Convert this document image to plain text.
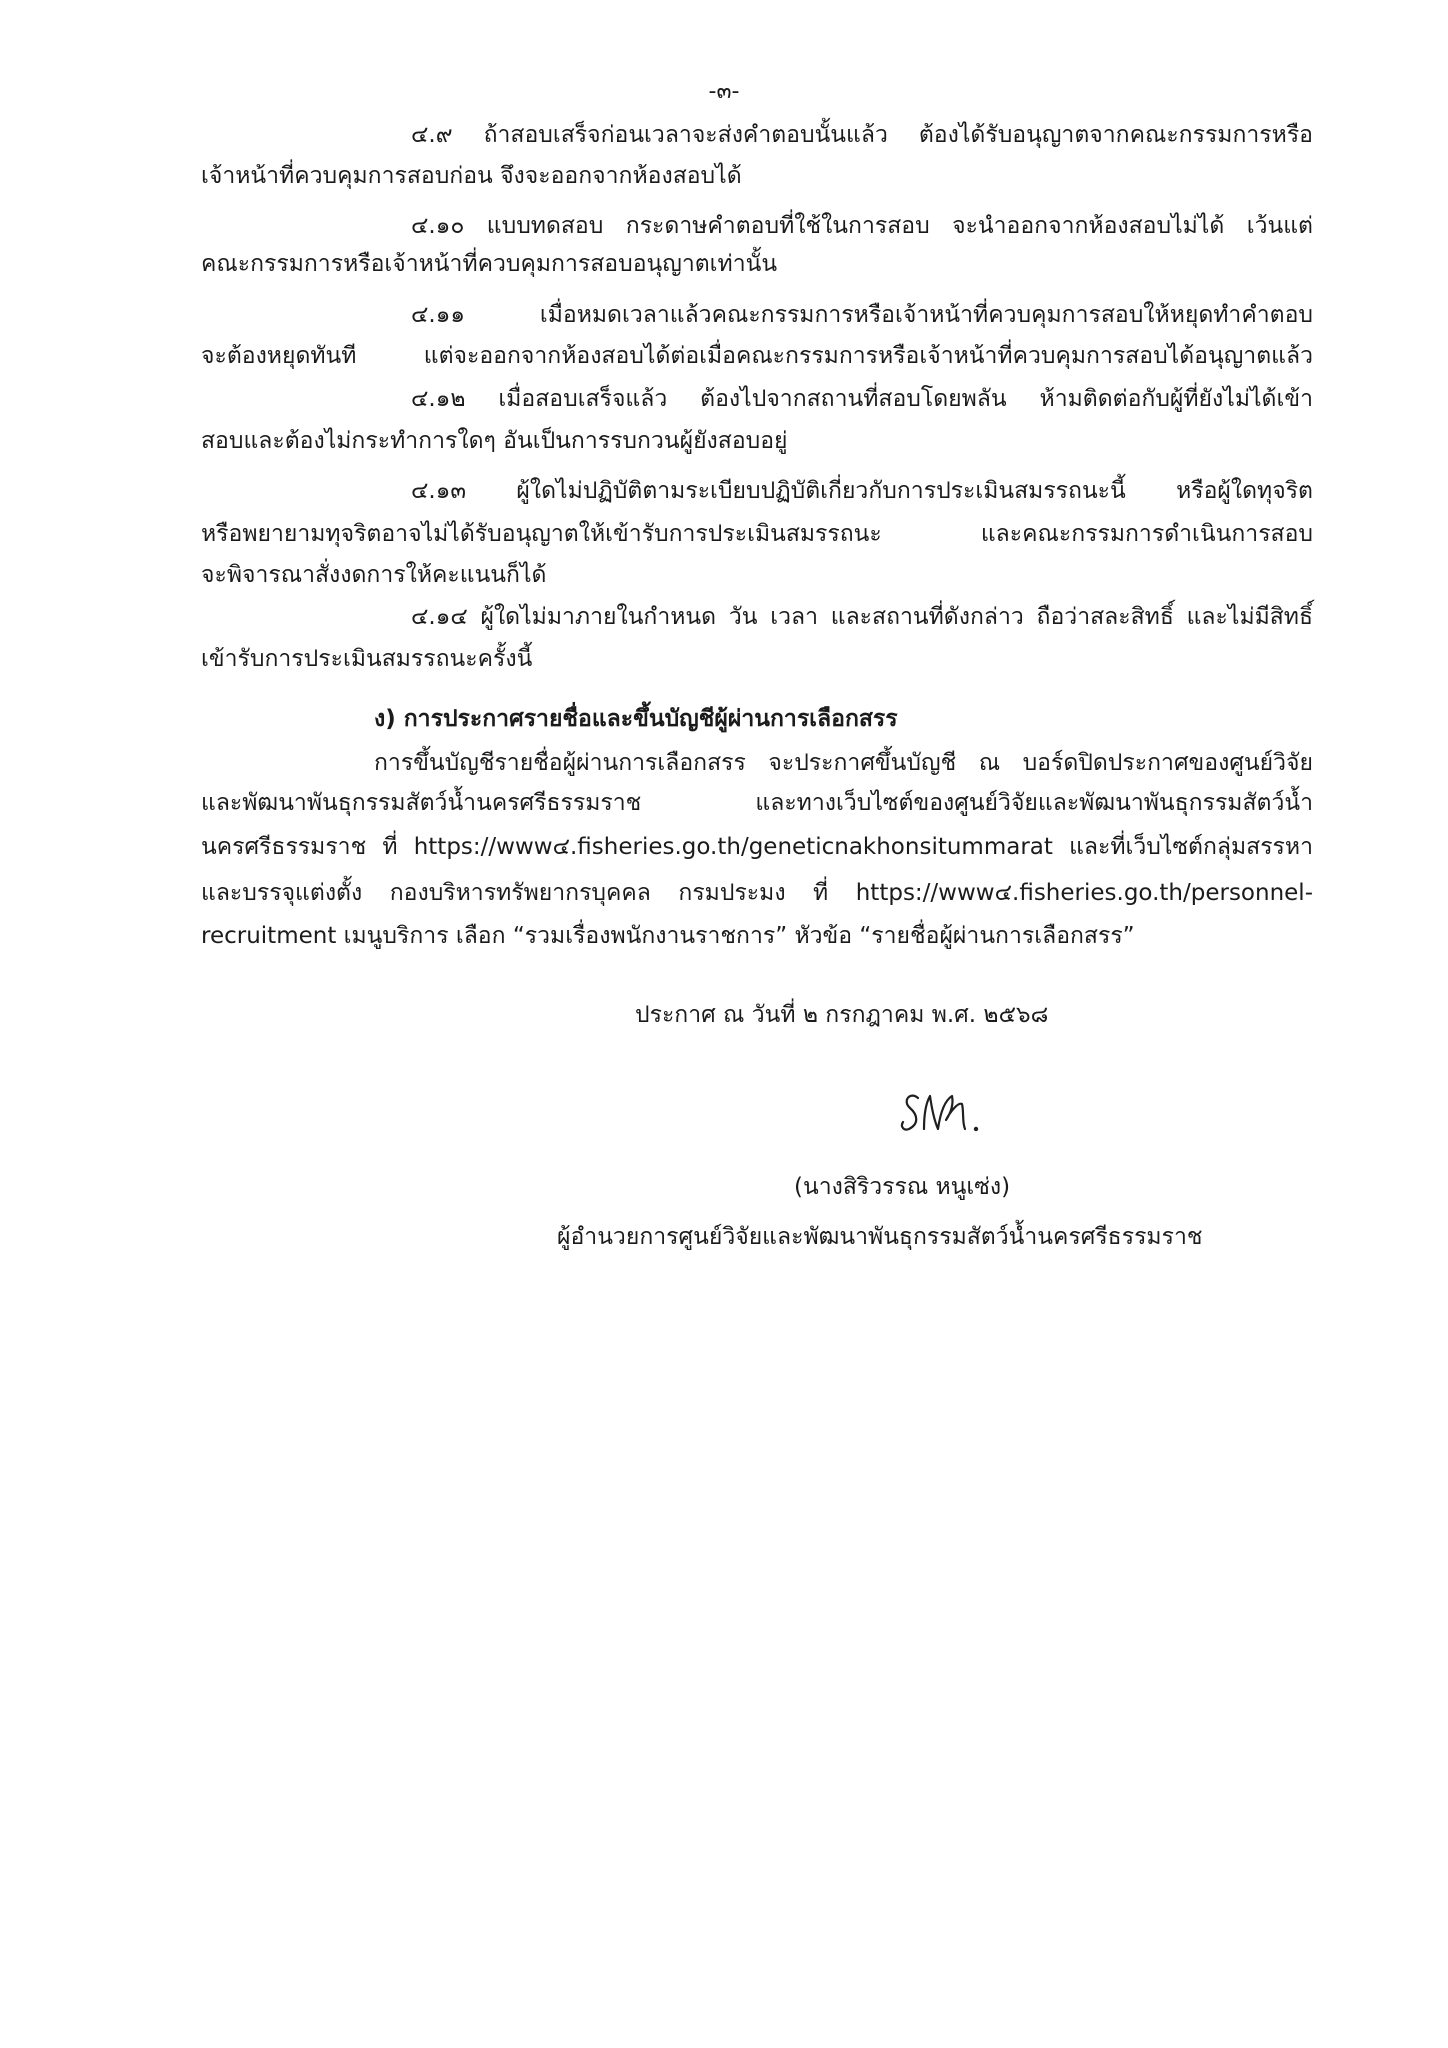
-๓-
๔.๙ ถ้าสอบเสร็จก่อนเวลาจะส่งคำตอบนั้นแล้ว ต้องได้รับอนุญาตจากคณะกรรมการหรือ
เจ้าหน้าที่ควบคุมการสอบก่อน จึงจะออกจากห้องสอบได้
๔.๑๐ แบบทดสอบ กระดาษคำตอบที่ใช้ในการสอบ จะนำออกจากห้องสอบไม่ได้ เว้นแต่
คณะกรรมการหรือเจ้าหน้าที่ควบคุมการสอบอนุญาตเท่านั้น
๔.๑๑ เมื่อหมดเวลาแล้วคณะกรรมการหรือเจ้าหน้าที่ควบคุมการสอบให้หยุดทำคำตอบ
จะต้องหยุดทันที แต่จะออกจากห้องสอบได้ต่อเมื่อคณะกรรมการหรือเจ้าหน้าที่ควบคุมการสอบได้อนุญาตแล้ว
๔.๑๒ เมื่อสอบเสร็จแล้ว ต้องไปจากสถานที่สอบโดยพลัน ห้ามติดต่อกับผู้ที่ยังไม่ได้เข้า
สอบและต้องไม่กระทำการใดๆ อันเป็นการรบกวนผู้ยังสอบอยู่
๔.๑๓ ผู้ใดไม่ปฏิบัติตามระเบียบปฏิบัติเกี่ยวกับการประเมินสมรรถนะนี้ หรือผู้ใดทุจริต
หรือพยายามทุจริตอาจไม่ได้รับอนุญาตให้เข้ารับการประเมินสมรรถนะ และคณะกรรมการดำเนินการสอบ
จะพิจารณาสั่งงดการให้คะแนนก็ได้
๔.๑๔ ผู้ใดไม่มาภายในกำหนด วัน เวลา และสถานที่ดังกล่าว ถือว่าสละสิทธิ์ และไม่มีสิทธิ์
เข้ารับการประเมินสมรรถนะครั้งนี้
ง) การประกาศรายชื่อและขึ้นบัญชีผู้ผ่านการเลือกสรร
การขึ้นบัญชีรายชื่อผู้ผ่านการเลือกสรร จะประกาศขึ้นบัญชี ณ บอร์ดปิดประกาศของศูนย์วิจัย
และพัฒนาพันธุกรรมสัตว์น้ำนครศรีธรรมราช และทางเว็บไซต์ของศูนย์วิจัยและพัฒนาพันธุกรรมสัตว์น้ำ
นครศรีธรรมราช ที่ https://www๔.fisheries.go.th/geneticnakhonsitummarat และที่เว็บไซต์กลุ่มสรรหา
และบรรจุแต่งตั้ง กองบริหารทรัพยากรบุคคล กรมประมง ที่ https://www๔.fisheries.go.th/personnel-
recruitment เมนูบริการ เลือก “รวมเรื่องพนักงานราชการ” หัวข้อ “รายชื่อผู้ผ่านการเลือกสรร”
ประกาศ ณ วันที่ ๒ กรกฎาคม พ.ศ. ๒๕๖๘
(นางสิริวรรณ หนูเซ่ง)
ผู้อำนวยการศูนย์วิจัยและพัฒนาพันธุกรรมสัตว์น้ำนครศรีธรรมราช
